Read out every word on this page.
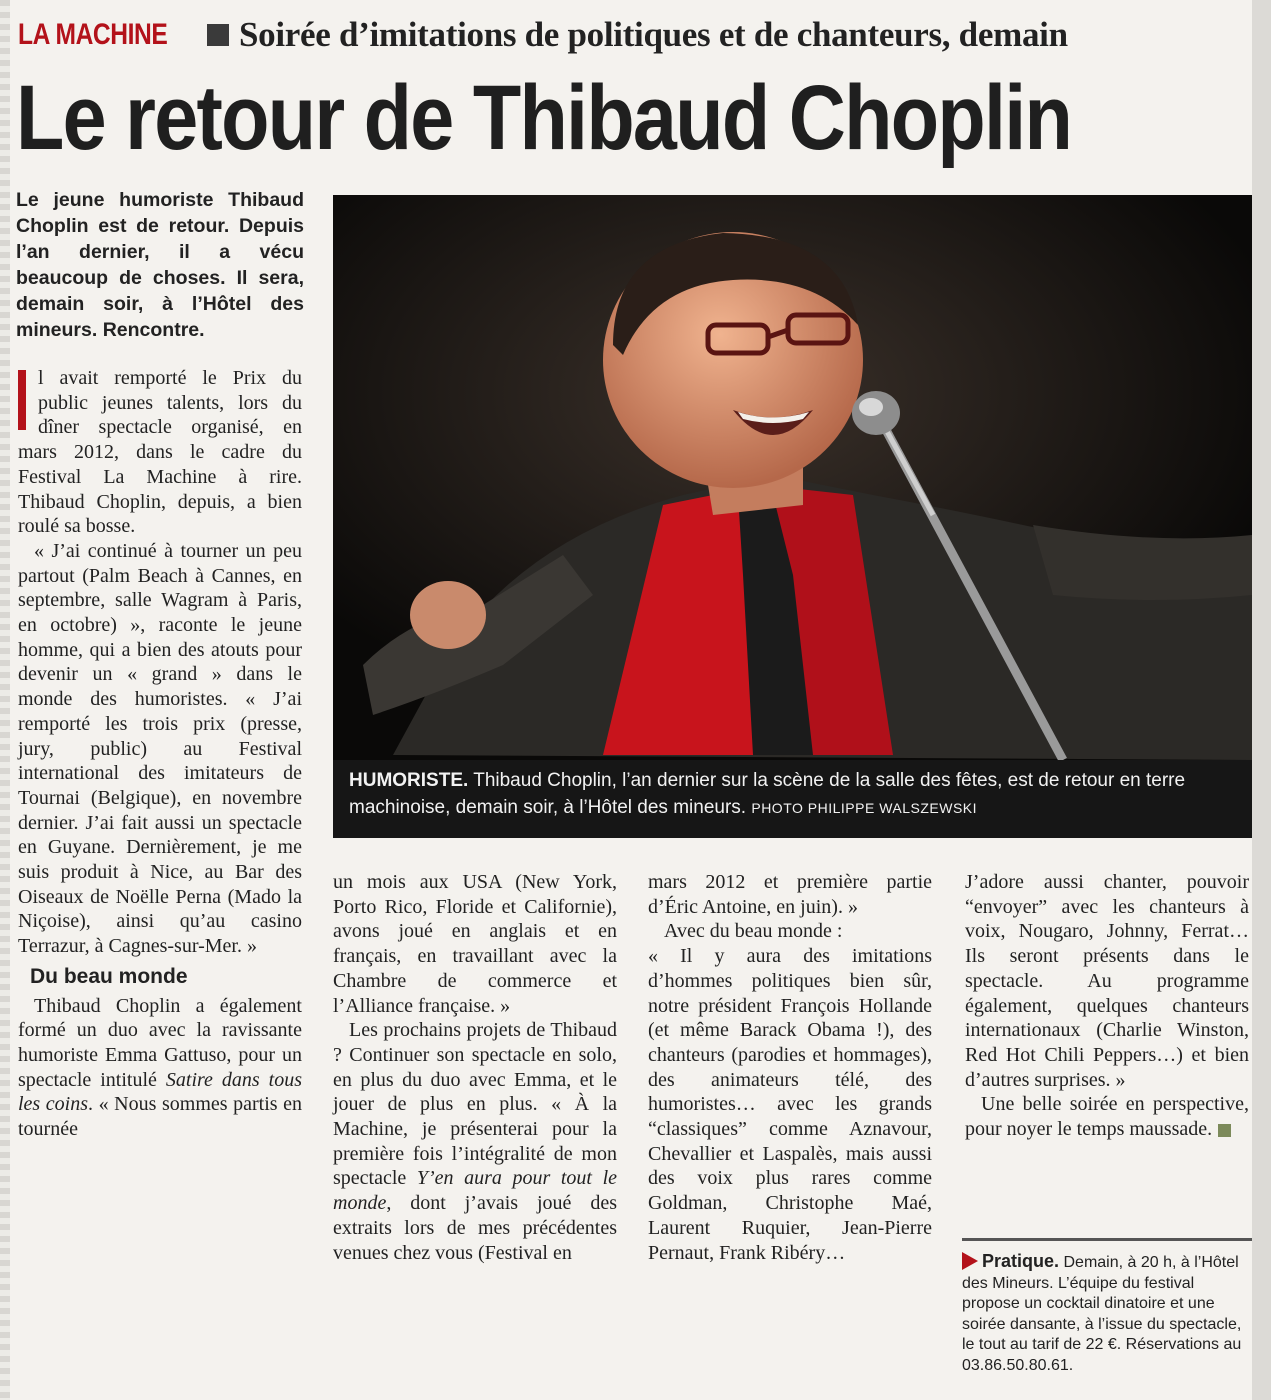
LA MACHINE Soirée d’imitations de politiques et de chanteurs, demain
Le retour de Thibaud Choplin
Le jeune humoriste Thibaud Choplin est de retour. Depuis l’an dernier, il a vécu beaucoup de choses. Il sera, demain soir, à l’Hôtel des mineurs. Rencontre.

l avait remporté le Prix du public jeunes talents, lors du dîner spectacle organisé, en mars 2012, dans le cadre du Festival La Machine à rire. Thibaud Choplin, depuis, a bien roulé sa bosse.

« J’ai continué à tourner un peu partout (Palm Beach à Cannes, en septembre, salle Wagram à Paris, en octobre) », raconte le jeune homme, qui a bien des atouts pour devenir un « grand » dans le monde des humoristes. « J’ai remporté les trois prix (presse, jury, public) au Festival international des imitateurs de Tournai (Belgique), en novembre dernier. J’ai fait aussi un spectacle en Guyane. Dernièrement, je me suis produit à Nice, au Bar des Oiseaux de Noëlle Perna (Mado la Niçoise), ainsi qu’au casino Terrazur, à Cagnes-sur-Mer. »

Du beau monde

Thibaud Choplin a également formé un duo avec la ravissante humoriste Emma Gattuso, pour un spectacle intitulé Satire dans tous les coins. « Nous sommes partis en tournée

HUMORISTE. Thibaud Choplin, l’an dernier sur la scène de la salle des fêtes, est de retour en terre machinoise, demain soir, à l’Hôtel des mineurs. PHOTO PHILIPPE WALSZEWSKI

un mois aux USA (New York, Porto Rico, Floride et Californie), avons joué en anglais et en français, en travaillant avec la Chambre de commerce et l’Alliance française. »

Les prochains projets de Thibaud ? Continuer son spectacle en solo, en plus du duo avec Emma, et le jouer de plus en plus. « À la Machine, je présenterai pour la première fois l’intégralité de mon spectacle Y’en aura pour tout le monde, dont j’avais joué des extraits lors de mes précédentes venues chez vous (Festival en

mars 2012 et première partie d’Éric Antoine, en juin). »

Avec du beau monde :

« Il y aura des imitations d’hommes politiques bien sûr, notre président François Hollande (et même Barack Obama !), des chanteurs (parodies et hommages), des animateurs télé, des humoristes… avec les grands “classiques” comme Aznavour, Chevallier et Laspalès, mais aussi des voix plus rares comme Goldman, Christophe Maé, Laurent Ruquier, Jean-Pierre Pernaut, Frank Ribéry…

J’adore aussi chanter, pouvoir “envoyer” avec les chanteurs à voix, Nougaro, Johnny, Ferrat… Ils seront présents dans le spectacle. Au programme également, quelques chanteurs internationaux (Charlie Winston, Red Hot Chili Peppers…) et bien d’autres surprises. »

Une belle soirée en perspective, pour noyer le temps maussade.

Pratique. Demain, à 20 h, à l’Hôtel des Mineurs. L’équipe du festival propose un cocktail dinatoire et une soirée dansante, à l’issue du spectacle, le tout au tarif de 22 €. Réservations au 03.86.50.80.61.
